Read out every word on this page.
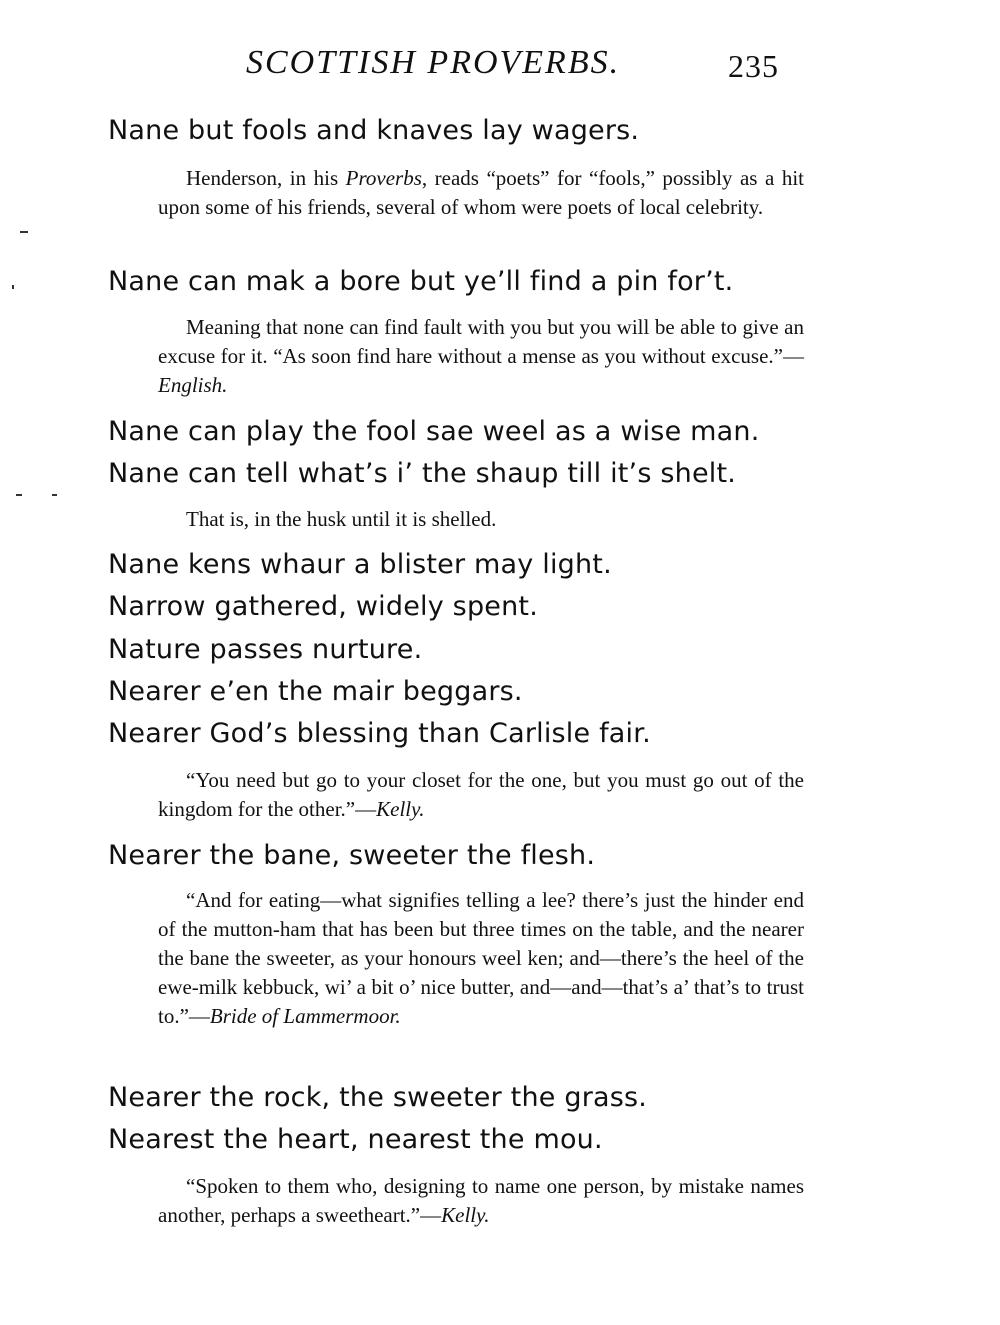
SCOTTISH PROVERBS.	235
Nane but fools and knaves lay wagers.

Henderson, in his Proverbs, reads “poets” for “fools,” possibly as a hit upon some of his friends, several of whom were poets of local celebrity.

Nane can mak a bore but ye’ll find a pin for’t.

Meaning that none can find fault with you but you will be able to give an excuse for it. “As soon find hare without a mense as you without excuse.”—English.

Nane can play the fool sae weel as a wise man.
Nane can tell what’s i’ the shaup till it’s shelt.

That is, in the husk until it is shelled.

Nane kens whaur a blister may light.
Narrow gathered, widely spent.
Nature passes nurture.
Nearer e’en the mair beggars.
Nearer God’s blessing than Carlisle fair.

“You need but go to your closet for the one, but you must go out of the kingdom for the other.”—Kelly.

Nearer the bane, sweeter the flesh.

“And for eating—what signifies telling a lee? there’s just the hinder end of the mutton-ham that has been but three times on the table, and the nearer the bane the sweeter, as your honours weel ken; and—there’s the heel of the ewe-milk kebbuck, wi’ a bit o’ nice butter, and—and—that’s a’ that’s to trust to.”—Bride of Lammermoor.

Nearer the rock, the sweeter the grass.
Nearest the heart, nearest the mou.

“Spoken to them who, designing to name one person, by mistake names another, perhaps a sweetheart.”—Kelly.
